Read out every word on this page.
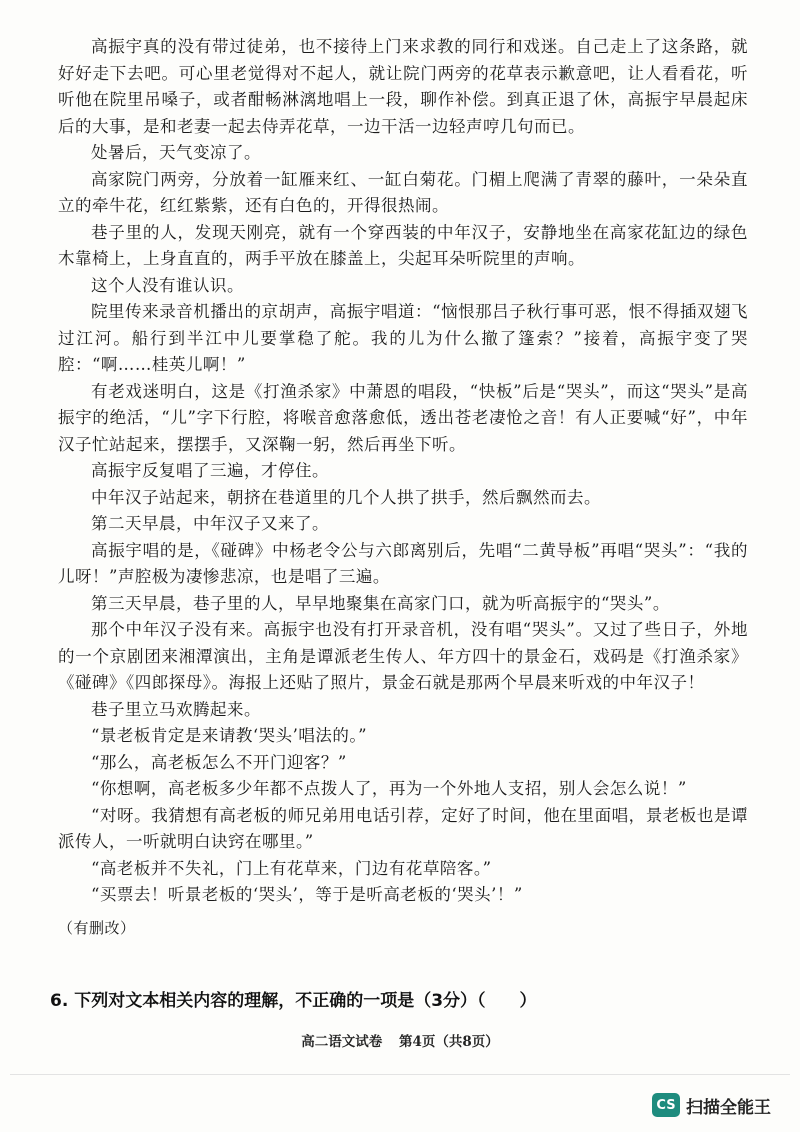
高振宇真的没有带过徒弟，也不接待上门来求教的同行和戏迷。自己走上了这条路，就好好走下去吧。可心里老觉得对不起人，就让院门两旁的花草表示歉意吧，让人看看花，听听他在院里吊嗓子，或者酣畅淋漓地唱上一段，聊作补偿。到真正退了休，高振宇早晨起床后的大事，是和老妻一起去侍弄花草，一边干活一边轻声哼几句而已。

处暑后，天气变凉了。

高家院门两旁，分放着一缸雁来红、一缸白菊花。门楣上爬满了青翠的藤叶，一朵朵直立的牵牛花，红红紫紫，还有白色的，开得很热闹。

巷子里的人，发现天刚亮，就有一个穿西装的中年汉子，安静地坐在高家花缸边的绿色木靠椅上，上身直直的，两手平放在膝盖上，尖起耳朵听院里的声响。

这个人没有谁认识。

院里传来录音机播出的京胡声，高振宇唱道：“恼恨那吕子秋行事可恶，恨不得插双翅飞过江河。船行到半江中儿要掌稳了舵。我的儿为什么撤了篷索？”接着，高振宇变了哭腔：“啊……桂英儿啊！”

有老戏迷明白，这是《打渔杀家》中萧恩的唱段，“快板”后是“哭头”，而这“哭头”是高振宇的绝活，“儿”字下行腔，将喉音愈落愈低，透出苍老凄怆之音！有人正要喊“好”，中年汉子忙站起来，摆摆手，又深鞠一躬，然后再坐下听。

高振宇反复唱了三遍，才停住。

中年汉子站起来，朝挤在巷道里的几个人拱了拱手，然后飘然而去。

第二天早晨，中年汉子又来了。

高振宇唱的是，《碰碑》中杨老令公与六郎离别后，先唱“二黄导板”再唱“哭头”：“我的儿呀！”声腔极为凄惨悲凉，也是唱了三遍。

第三天早晨，巷子里的人，早早地聚集在高家门口，就为听高振宇的“哭头”。

那个中年汉子没有来。高振宇也没有打开录音机，没有唱“哭头”。又过了些日子，外地的一个京剧团来湘潭演出，主角是谭派老生传人、年方四十的景金石，戏码是《打渔杀家》《碰碑》《四郎探母》。海报上还贴了照片，景金石就是那两个早晨来听戏的中年汉子！

巷子里立马欢腾起来。

“景老板肯定是来请教‘哭头’唱法的。”

“那么，高老板怎么不开门迎客？”

“你想啊，高老板多少年都不点拨人了，再为一个外地人支招，别人会怎么说！”

“对呀。我猜想有高老板的师兄弟用电话引荐，定好了时间，他在里面唱，景老板也是谭派传人，一听就明白诀窍在哪里。”

“高老板并不失礼，门上有花草来，门边有花草陪客。”

“买票去！听景老板的‘哭头’，等于是听高老板的‘哭头’！”

（有删改）

6. 下列对文本相关内容的理解，不正确的一项是（3分）（　　）

高二语文试卷 第4页（共8页）
CS 扫描全能王
